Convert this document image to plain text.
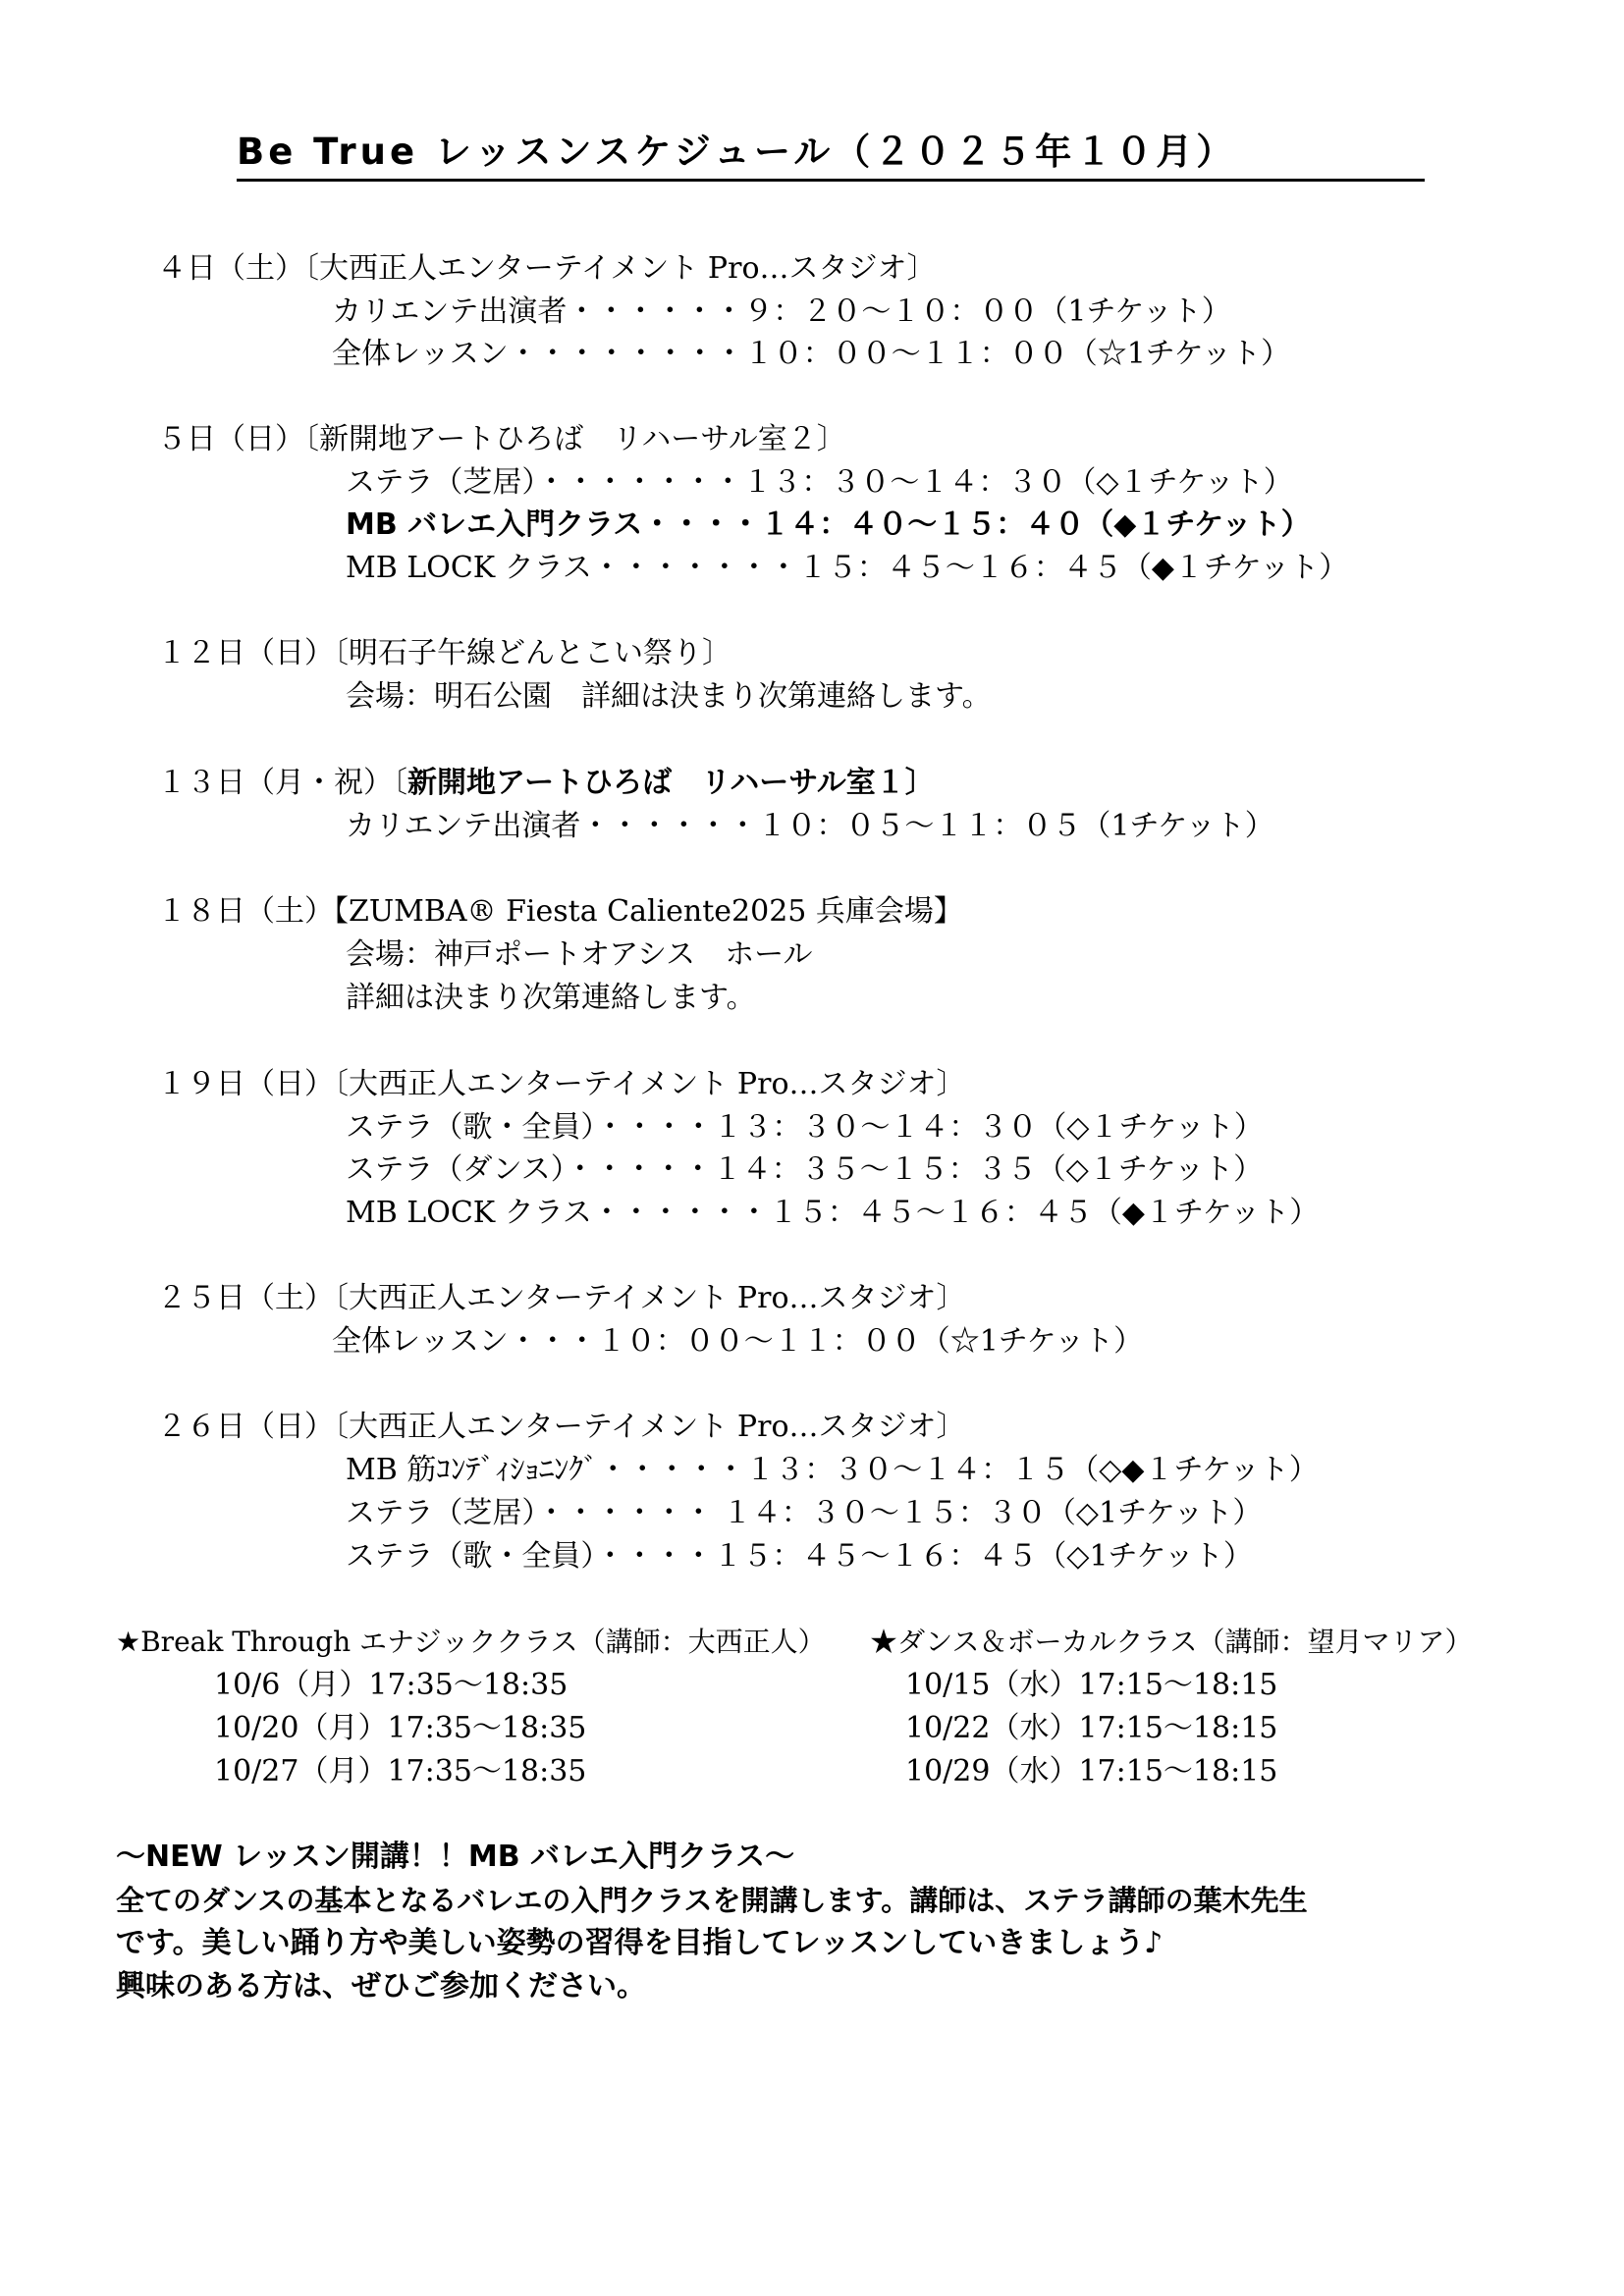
Be True レッスンスケジュール（２０２５年１０月）
４日（土）〔大西正人エンターテイメント Pro…スタジオ〕
カリエンテ出演者・・・・・・９：２０～１０：００（1チケット）
全体レッスン・・・・・・・・１０：００～１１：００（☆1チケット）
５日（日）〔新開地アートひろば　リハーサル室２〕
ステラ（芝居）・・・・・・・１３：３０～１４：３０（◇１チケット）
MB バレエ入門クラス・・・・１４：４０～１５：４０（◆１チケット）
MB LOCK クラス・・・・・・・１５：４５～１６：４５（◆１チケット）
１２日（日）〔明石子午線どんとこい祭り〕
会場：明石公園　詳細は決まり次第連絡します。
１３日（月・祝）〔新開地アートひろば　リハーサル室１〕
カリエンテ出演者・・・・・・１０：０５～１１：０５（1チケット）
１８日（土）【ZUMBA® Fiesta Caliente2025 兵庫会場】
会場：神戸ポートオアシス　ホール
詳細は決まり次第連絡します。
１９日（日）〔大西正人エンターテイメント Pro…スタジオ〕
ステラ（歌・全員）・・・・１３：３０～１４：３０（◇１チケット）
ステラ（ダンス）・・・・・１４：３５～１５：３５（◇１チケット）
MB LOCK クラス・・・・・・１５：４５～１６：４５（◆１チケット）
２５日（土）〔大西正人エンターテイメント Pro…スタジオ〕
全体レッスン・・・１０：００～１１：００（☆1チケット）
２６日（日）〔大西正人エンターテイメント Pro…スタジオ〕
MB 筋ｺﾝﾃﾞｨｼｮﾆﾝｸﾞ・・・・・１３：３０～１４：１５（◇◆１チケット）
ステラ（芝居）・・・・・・ １４：３０～１５：３０（◇1チケット）
ステラ（歌・全員）・・・・１５：４５～１６：４５（◇1チケット）
★Break Through エナジッククラス（講師：大西正人） ★ダンス＆ボーカルクラス（講師：望月マリア）
10/6（月）17:35～18:35
10/20（月）17:35～18:35
10/27（月）17:35～18:35
10/15（水）17:15～18:15
10/22（水）17:15～18:15
10/29（水）17:15～18:15
～NEW レッスン開講！！MB バレエ入門クラス～
全てのダンスの基本となるバレエの入門クラスを開講します。講師は、ステラ講師の葉木先生
です。美しい踊り方や美しい姿勢の習得を目指してレッスンしていきましょう♪
興味のある方は、ぜひご参加ください。
